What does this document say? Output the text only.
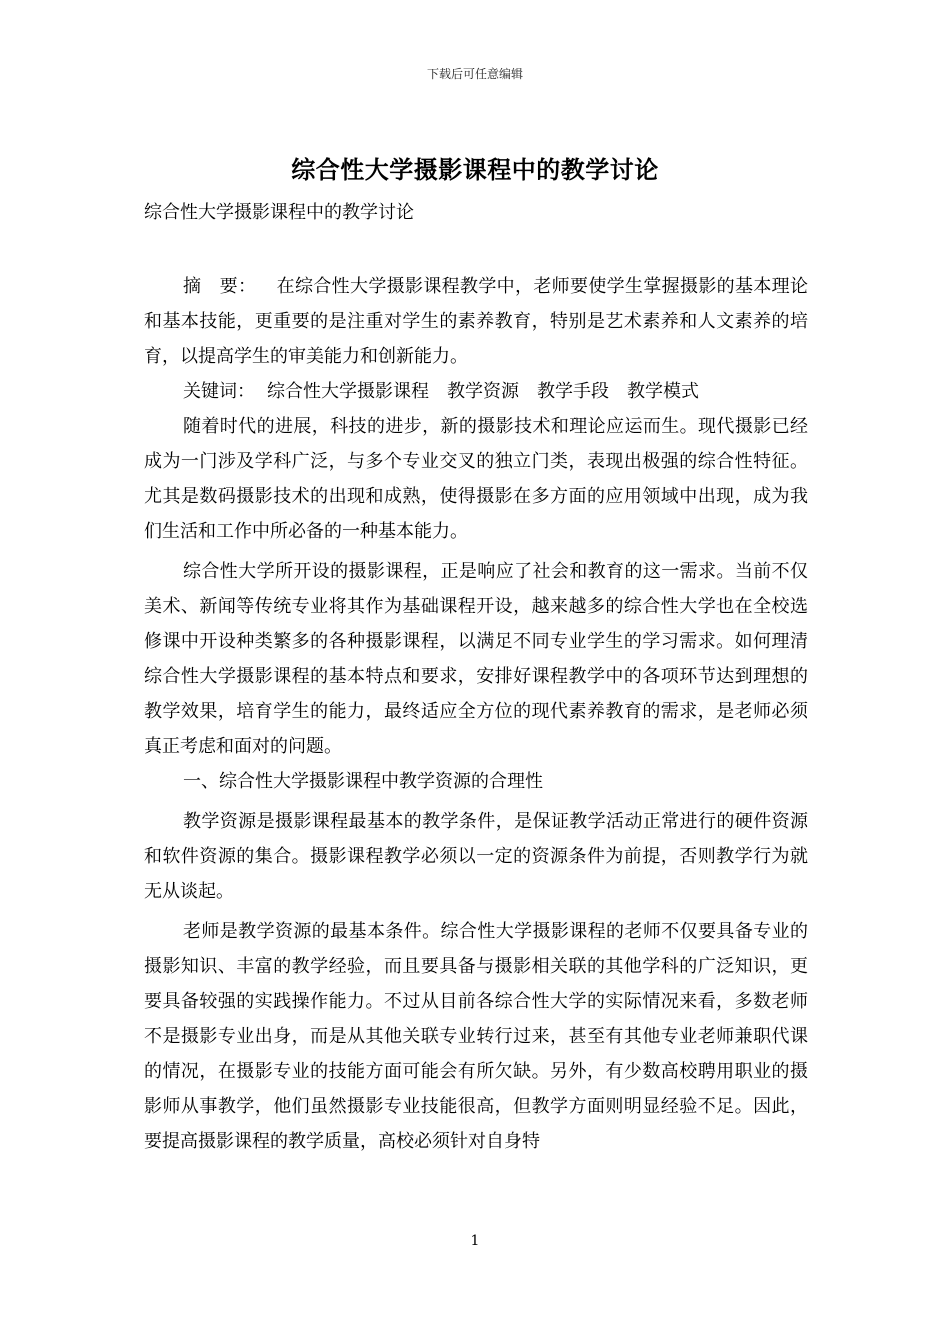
下载后可任意编辑
综合性大学摄影课程中的教学讨论
综合性大学摄影课程中的教学讨论

摘　要： 在综合性大学摄影课程教学中，老师要使学生掌握摄影的基本理论和基本技能，更重要的是注重对学生的素养教育，特别是艺术素养和人文素养的培育，以提高学生的审美能力和创新能力。

关键词： 综合性大学摄影课程　教学资源　教学手段　教学模式

随着时代的进展，科技的进步，新的摄影技术和理论应运而生。现代摄影已经成为一门涉及学科广泛，与多个专业交叉的独立门类，表现出极强的综合性特征。尤其是数码摄影技术的出现和成熟，使得摄影在多方面的应用领域中出现，成为我们生活和工作中所必备的一种基本能力。

综合性大学所开设的摄影课程，正是响应了社会和教育的这一需求。当前不仅美术、新闻等传统专业将其作为基础课程开设，越来越多的综合性大学也在全校选修课中开设种类繁多的各种摄影课程，以满足不同专业学生的学习需求。如何理清综合性大学摄影课程的基本特点和要求，安排好课程教学中的各项环节达到理想的教学效果，培育学生的能力，最终适应全方位的现代素养教育的需求，是老师必须真正考虑和面对的问题。

一、综合性大学摄影课程中教学资源的合理性

教学资源是摄影课程最基本的教学条件，是保证教学活动正常进行的硬件资源和软件资源的集合。摄影课程教学必须以一定的资源条件为前提，否则教学行为就无从谈起。

老师是教学资源的最基本条件。综合性大学摄影课程的老师不仅要具备专业的摄影知识、丰富的教学经验，而且要具备与摄影相关联的其他学科的广泛知识，更要具备较强的实践操作能力。不过从目前各综合性大学的实际情况来看，多数老师不是摄影专业出身，而是从其他关联专业转行过来，甚至有其他专业老师兼职代课的情况，在摄影专业的技能方面可能会有所欠缺。另外，有少数高校聘用职业的摄影师从事教学，他们虽然摄影专业技能很高，但教学方面则明显经验不足。因此，要提高摄影课程的教学质量，高校必须针对自身特

1
